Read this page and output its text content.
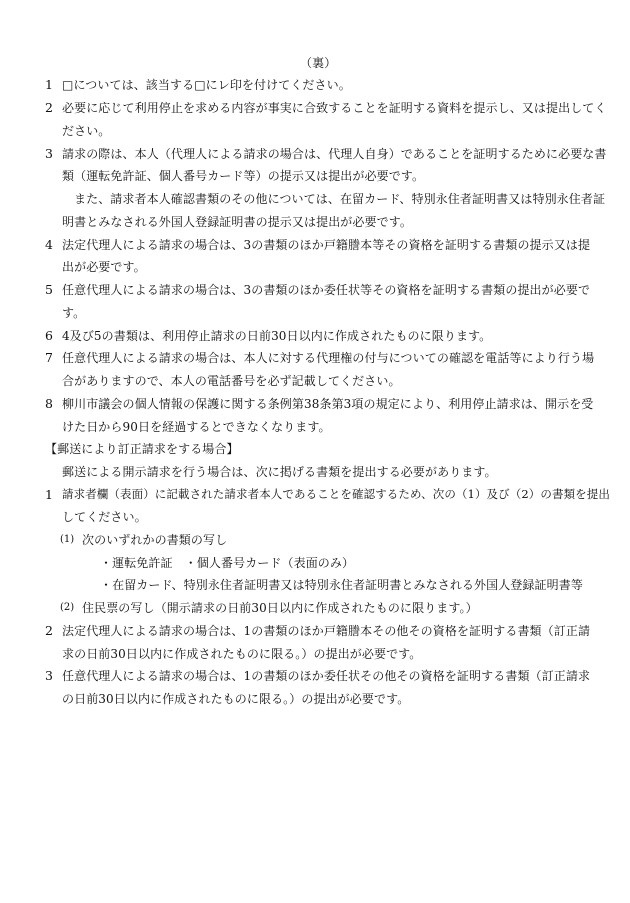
（裏）
1 □については、該当する□にレ印を付けてください。
2 必要に応じて利用停止を求める内容が事実に合致することを証明する資料を提示し、又は提出してく
ださい。
3 請求の際は、本人（代理人による請求の場合は、代理人自身）であることを証明するために必要な書
類（運転免許証、個人番号カード等）の提示又は提出が必要です。
また、請求者本人確認書類のその他については、在留カード、特別永住者証明書又は特別永住者証
明書とみなされる外国人登録証明書の提示又は提出が必要です。
4 法定代理人による請求の場合は、3の書類のほか戸籍謄本等その資格を証明する書類の提示又は提
出が必要です。
5 任意代理人による請求の場合は、3の書類のほか委任状等その資格を証明する書類の提出が必要で
す。
6 4及び5の書類は、利用停止請求の日前30日以内に作成されたものに限ります。
7 任意代理人による請求の場合は、本人に対する代理権の付与についての確認を電話等により行う場
合がありますので、本人の電話番号を必ず記載してください。
8 柳川市議会の個人情報の保護に関する条例第38条第3項の規定により、利用停止請求は、開示を受
けた日から90日を経過するとできなくなります。
【郵送により訂正請求をする場合】
郵送による開示請求を行う場合は、次に掲げる書類を提出する必要があります。
1 請求者欄（表面）に記載された請求者本人であることを確認するため、次の（1）及び（2）の書類を提出
してください。
(1) 次のいずれかの書類の写し
・運転免許証　・個人番号カード（表面のみ）
・在留カード、特別永住者証明書又は特別永住者証明書とみなされる外国人登録証明書等
(2) 住民票の写し（開示請求の日前30日以内に作成されたものに限ります。）
2 法定代理人による請求の場合は、1の書類のほか戸籍謄本その他その資格を証明する書類（訂正請
求の日前30日以内に作成されたものに限る。）の提出が必要です。
3 任意代理人による請求の場合は、1の書類のほか委任状その他その資格を証明する書類（訂正請求
の日前30日以内に作成されたものに限る。）の提出が必要です。
